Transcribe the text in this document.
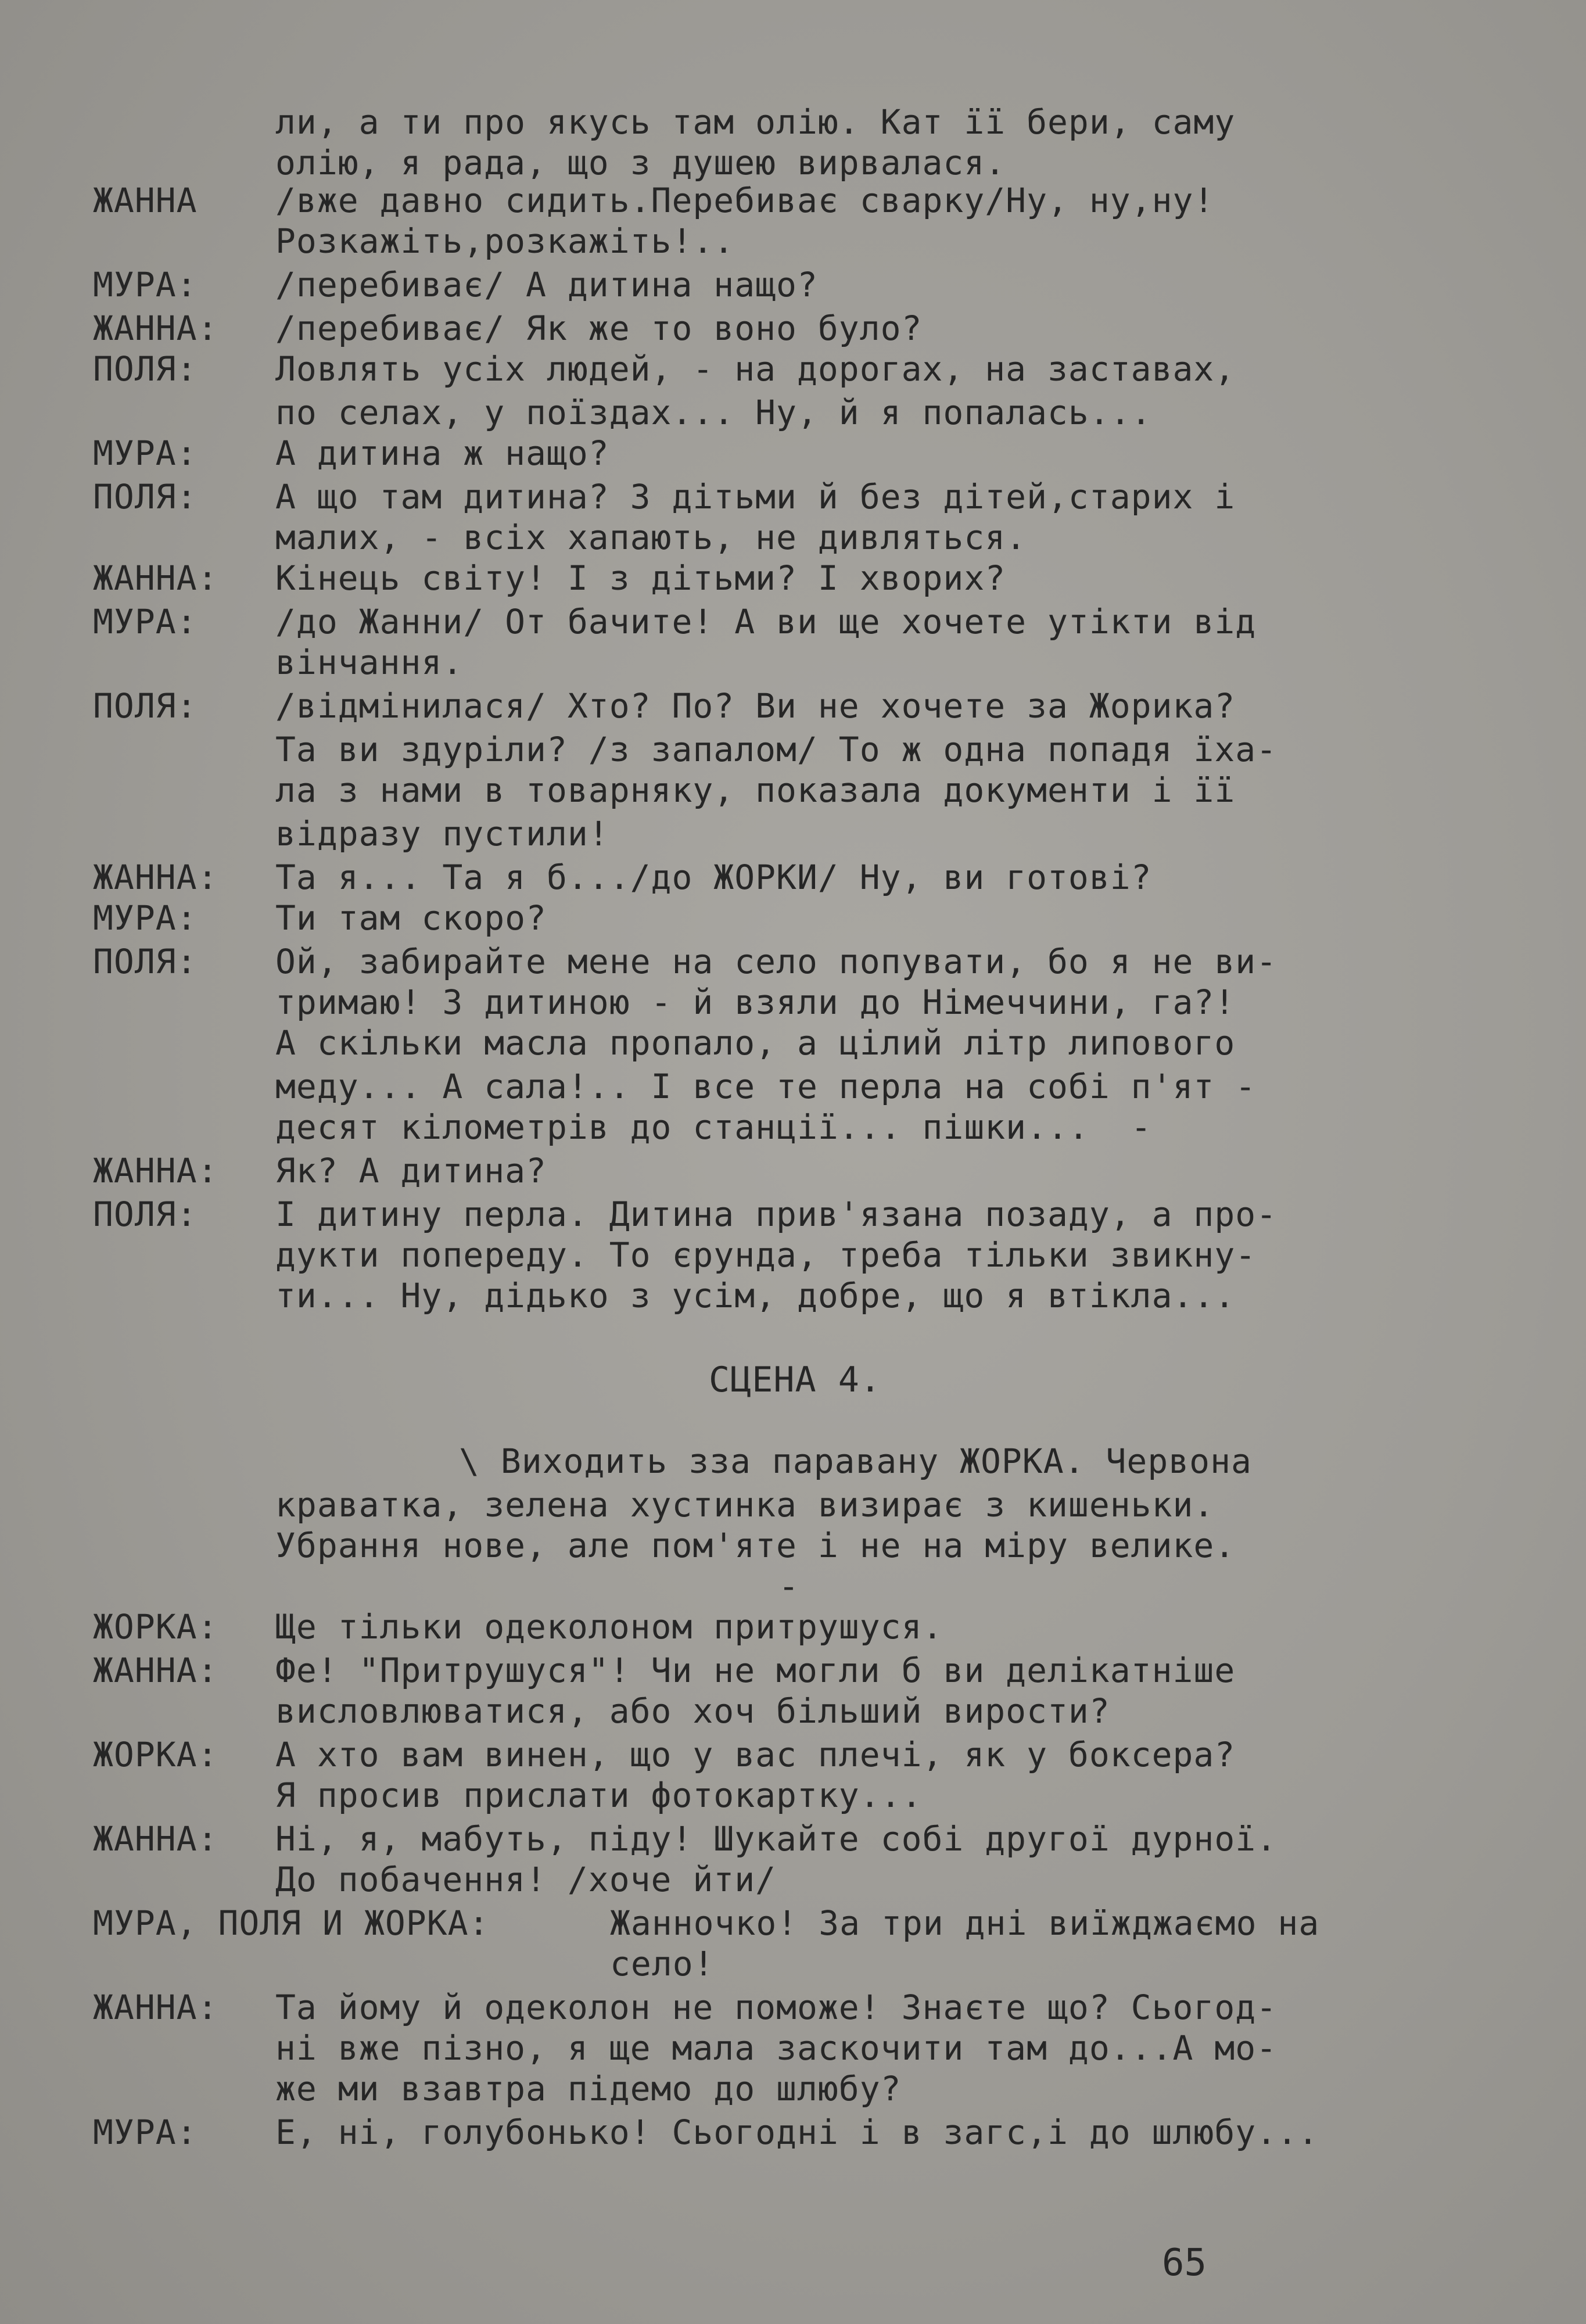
ли, а ти про якусь там олію. Кат її бери, саму
олію, я рада, що з душею вирвалася.
ЖАННА /вже давно сидить.Перебиває сварку/Ну, ну,ну!
Розкажіть,розкажіть!..
МУРА: /перебиває/ А дитина нащо?
ЖАННА: /перебиває/ Як же то воно було?
ПОЛЯ: Ловлять усіх людей, - на дорогах, на заставах,
по селах, у поїздах... Ну, й я попалась...
МУРА: А дитина ж нащо?
ПОЛЯ: А що там дитина? З дітьми й без дітей,старих і
малих, - всіх хапають, не дивляться.
ЖАННА: Кінець світу! І з дітьми? І хворих?
МУРА: /до Жанни/ От бачите! А ви ще хочете утікти від
вінчання.
ПОЛЯ: /відмінилася/ Хто? По? Ви не хочете за Жорика?
Та ви здуріли? /з запалом/ То ж одна попадя їха-
ла з нами в товарняку, показала документи і її
відразу пустили!
ЖАННА: Та я... Та я б.../до ЖОРКИ/ Ну, ви готові?
МУРА: Ти там скоро?
ПОЛЯ: Ой, забирайте мене на село попувати, бо я не ви-
тримаю! З дитиною - й взяли до Німеччини, га?!
А скільки масла пропало, а цілий літр липового
меду... А сала!.. І все те перла на собі п'ят -
десят кілометрів до станції... пішки...  -
ЖАННА: Як? А дитина?
ПОЛЯ: І дитину перла. Дитина прив'язана позаду, а про-
дукти попереду. То єрунда, треба тільки звикну-
ти... Ну, дідько з усім, добре, що я втікла...
СЦЕНА 4.
\ Виходить зза паравану ЖОРКА. Червона
краватка, зелена хустинка визирає з кишеньки.
Убрання нове, але пом'яте і не на міру велике.
-
ЖОРКА: Ще тільки одеколоном притрушуся.
ЖАННА: Фе! "Притрушуся"! Чи не могли б ви делікатніше
висловлюватися, або хоч більший вирости?
ЖОРКА: А хто вам винен, що у вас плечі, як у боксера?
Я просив прислати фотокартку...
ЖАННА: Ні, я, мабуть, піду! Шукайте собі другої дурної.
До побачення! /хоче йти/
МУРА, ПОЛЯ И ЖОРКА:	Жанночко! За три дні виїжджаємо на
село!
ЖАННА: Та йому й одеколон не поможе! Знаєте що? Сьогод-
ні вже пізно, я ще мала заскочити там до...А мо-
же ми взавтра підемо до шлюбу?
МУРА: Е, ні, голубонько! Сьогодні і в загс,і до шлюбу...
65
